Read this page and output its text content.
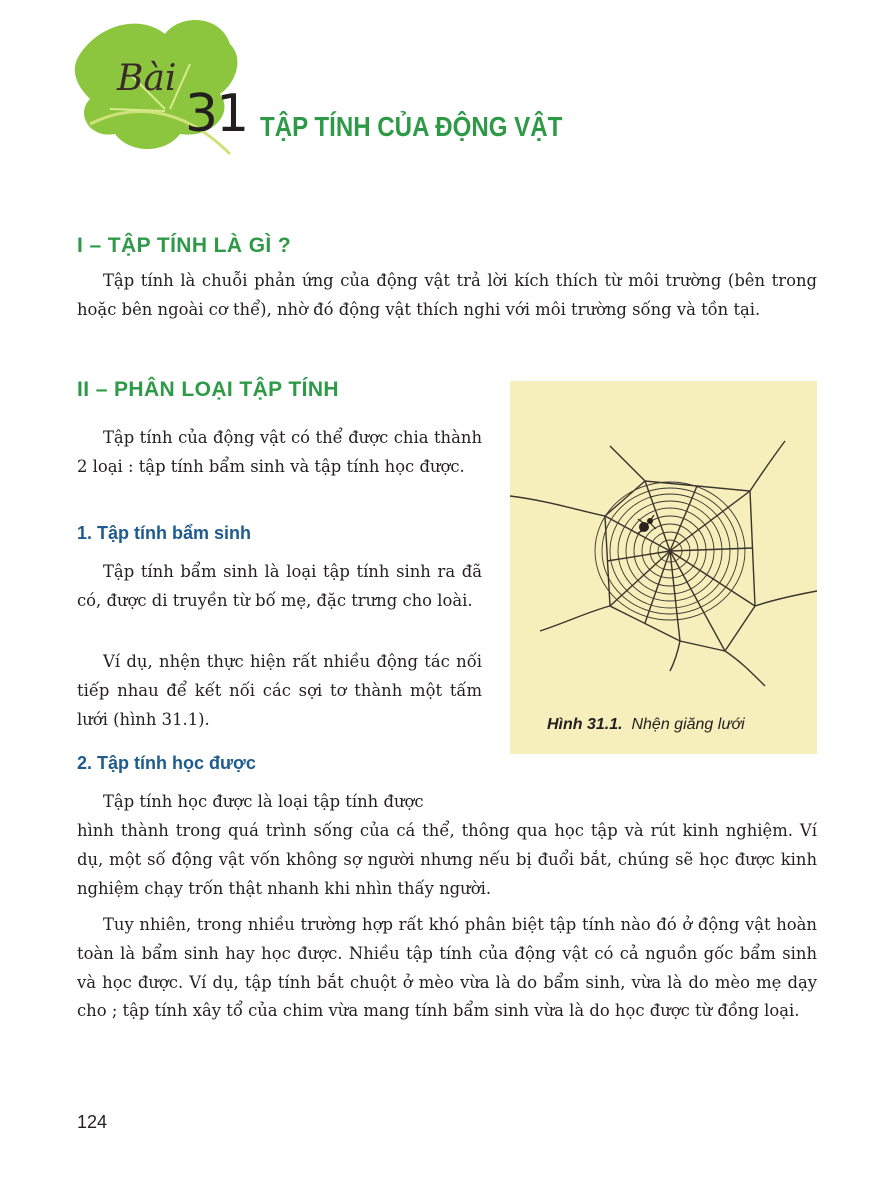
Bài
31 TẬP TÍNH CỦA ĐỘNG VẬT
I – TẬP TÍNH LÀ GÌ ?

Tập tính là chuỗi phản ứng của động vật trả lời kích thích từ môi trường (bên trong hoặc bên ngoài cơ thể), nhờ đó động vật thích nghi với môi trường sống và tồn tại.

II – PHÂN LOẠI TẬP TÍNH

Tập tính của động vật có thể được chia thành 2 loại : tập tính bẩm sinh và tập tính học được.

1. Tập tính bẩm sinh

Tập tính bẩm sinh là loại tập tính sinh ra đã có, được di truyền từ bố mẹ, đặc trưng cho loài.

Ví dụ, nhện thực hiện rất nhiều động tác nối tiếp nhau để kết nối các sợi tơ thành một tấm lưới (hình 31.1).

2. Tập tính học được

Tập tính học được là loại tập tính được

hình thành trong quá trình sống của cá thể, thông qua học tập và rút kinh nghiệm. Ví dụ, một số động vật vốn không sợ người nhưng nếu bị đuổi bắt, chúng sẽ học được kinh nghiệm chạy trốn thật nhanh khi nhìn thấy người.

Tuy nhiên, trong nhiều trường hợp rất khó phân biệt tập tính nào đó ở động vật hoàn toàn là bẩm sinh hay học được. Nhiều tập tính của động vật có cả nguồn gốc bẩm sinh và học được. Ví dụ, tập tính bắt chuột ở mèo vừa là do bẩm sinh, vừa là do mèo mẹ dạy cho ; tập tính xây tổ của chim vừa mang tính bẩm sinh vừa là do học được từ đồng loại.

Hình 31.1. Nhện giăng lưới
124
